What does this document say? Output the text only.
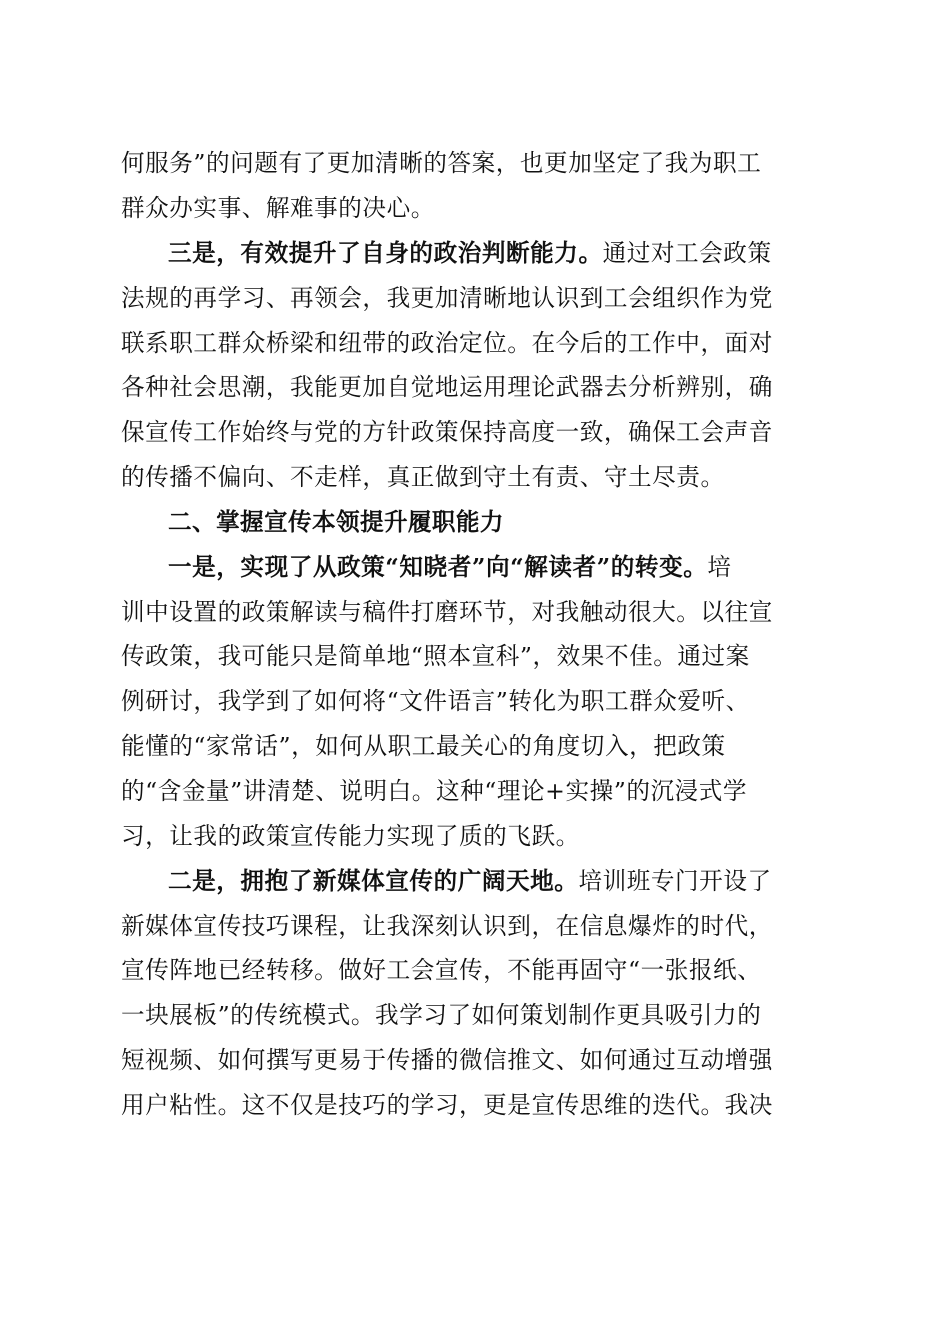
何服务”的问题有了更加清晰的答案，也更加坚定了我为职工
群众办实事、解难事的决心。
三是，有效提升了自身的政治判断能力。通过对工会政策
法规的再学习、再领会，我更加清晰地认识到工会组织作为党
联系职工群众桥梁和纽带的政治定位。在今后的工作中，面对
各种社会思潮，我能更加自觉地运用理论武器去分析辨别，确
保宣传工作始终与党的方针政策保持高度一致，确保工会声音
的传播不偏向、不走样，真正做到守土有责、守土尽责。
二、掌握宣传本领提升履职能力
一是，实现了从政策“知晓者”向“解读者”的转变。培
训中设置的政策解读与稿件打磨环节，对我触动很大。以往宣
传政策，我可能只是简单地“照本宣科”，效果不佳。通过案
例研讨，我学到了如何将“文件语言”转化为职工群众爱听、
能懂的“家常话”，如何从职工最关心的角度切入，把政策
的“含金量”讲清楚、说明白。这种“理论+实操”的沉浸式学
习，让我的政策宣传能力实现了质的飞跃。
二是，拥抱了新媒体宣传的广阔天地。培训班专门开设了
新媒体宣传技巧课程，让我深刻认识到，在信息爆炸的时代，
宣传阵地已经转移。做好工会宣传，不能再固守“一张报纸、
一块展板”的传统模式。我学习了如何策划制作更具吸引力的
短视频、如何撰写更易于传播的微信推文、如何通过互动增强
用户粘性。这不仅是技巧的学习，更是宣传思维的迭代。我决
